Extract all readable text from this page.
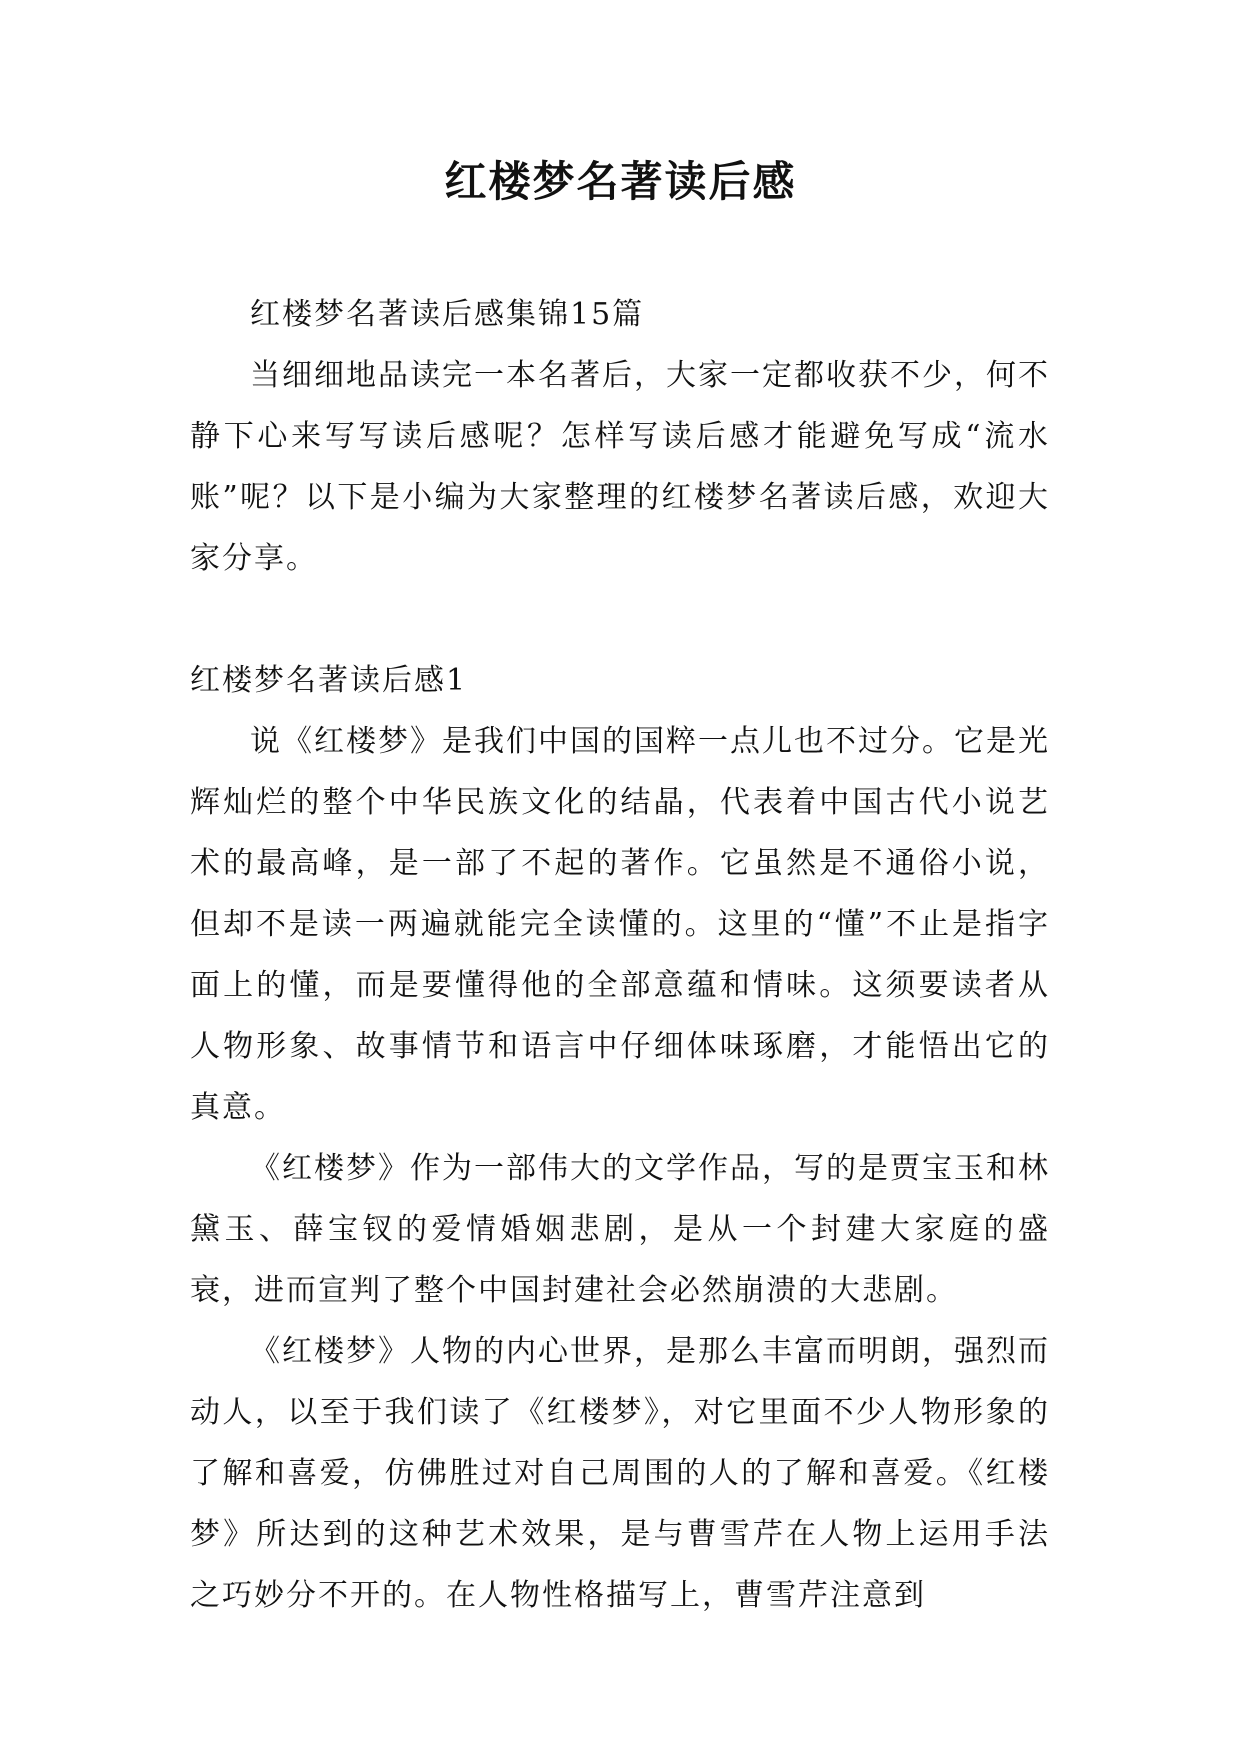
红楼梦名著读后感

红楼梦名著读后感集锦15篇

当细细地品读完一本名著后，大家一定都收获不少，何不静下心来写写读后感呢？怎样写读后感才能避免写成“流水账”呢？以下是小编为大家整理的红楼梦名著读后感，欢迎大家分享。

红楼梦名著读后感1

说《红楼梦》是我们中国的国粹一点儿也不过分。它是光辉灿烂的整个中华民族文化的结晶，代表着中国古代小说艺术的最高峰，是一部了不起的著作。它虽然是不通俗小说，但却不是读一两遍就能完全读懂的。这里的“懂”不止是指字面上的懂，而是要懂得他的全部意蕴和情味。这须要读者从人物形象、故事情节和语言中仔细体味琢磨，才能悟出它的真意。

《红楼梦》作为一部伟大的文学作品，写的是贾宝玉和林黛玉、薛宝钗的爱情婚姻悲剧，是从一个封建大家庭的盛衰，进而宣判了整个中国封建社会必然崩溃的大悲剧。

《红楼梦》人物的内心世界，是那么丰富而明朗，强烈而动人，以至于我们读了《红楼梦》，对它里面不少人物形象的了解和喜爱，仿佛胜过对自己周围的人的了解和喜爱。《红楼梦》所达到的这种艺术效果，是与曹雪芹在人物上运用手法之巧妙分不开的。在人物性格描写上，曹雪芹注意到
